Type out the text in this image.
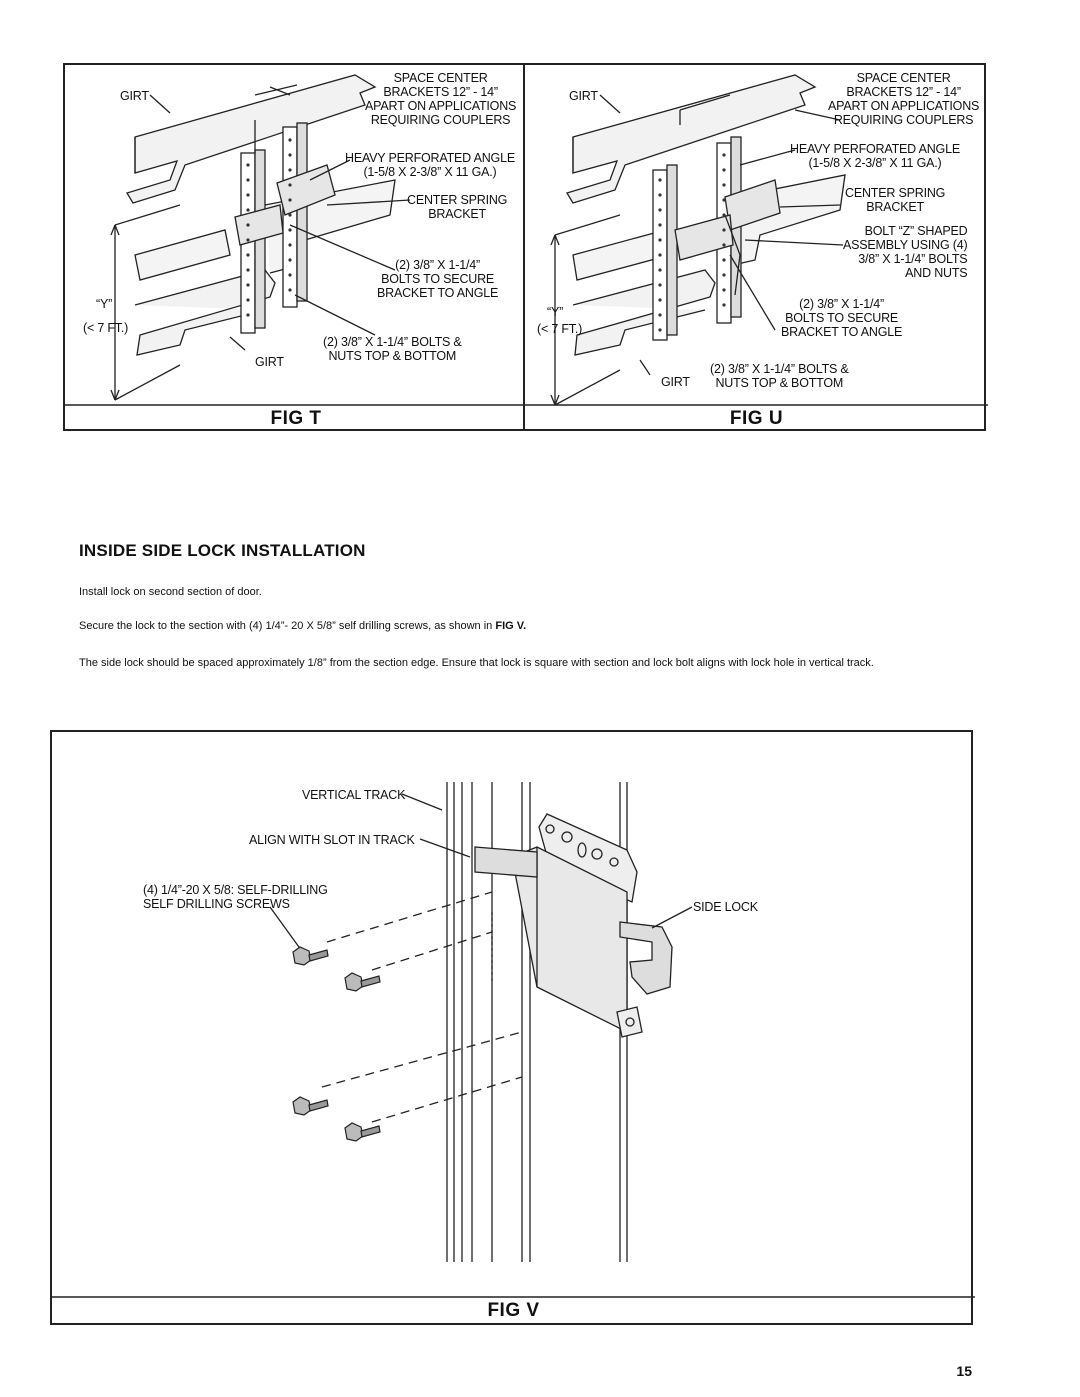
SPACE CENTER
BRACKETS 12” - 14”
APART ON APPLICATIONS
REQUIRING COUPLERS
GIRT
HEAVY PERFORATED ANGLE
(1-5/8 X 2-3/8” X 11 GA.)
CENTER SPRING
BRACKET
(2) 3/8” X 1-1/4”
BOLTS TO SECURE
BRACKET TO ANGLE
“Y”
(< 7 FT.)
(2) 3/8” X 1-1/4” BOLTS &
NUTS TOP & BOTTOM
GIRT
FIG T
SPACE CENTER
BRACKETS 12” - 14”
APART ON APPLICATIONS
REQUIRING COUPLERS
GIRT
HEAVY PERFORATED ANGLE
(1-5/8 X 2-3/8” X 11 GA.)
CENTER SPRING
BRACKET
BOLT “Z” SHAPED
ASSEMBLY USING (4)
3/8” X 1-1/4” BOLTS
AND NUTS
“Y”
(< 7 FT.)
(2) 3/8” X 1-1/4”
BOLTS TO SECURE
BRACKET TO ANGLE
(2) 3/8” X 1-1/4” BOLTS &
NUTS TOP & BOTTOM
GIRT
FIG U
INSIDE SIDE LOCK INSTALLATION

Install lock on second section of door.

Secure the lock to the section with (4) 1/4”- 20 X 5/8” self drilling screws, as shown in FIG V.

The side lock should be spaced approximately 1/8” from the section edge. Ensure that lock is square with section and lock bolt aligns with lock hole in vertical track.

VERTICAL TRACK
ALIGN WITH SLOT IN TRACK
(4) 1/4”-20 X 5/8: SELF-DRILLING
SELF DRILLING SCREWS	SIDE LOCK
FIG V
15
